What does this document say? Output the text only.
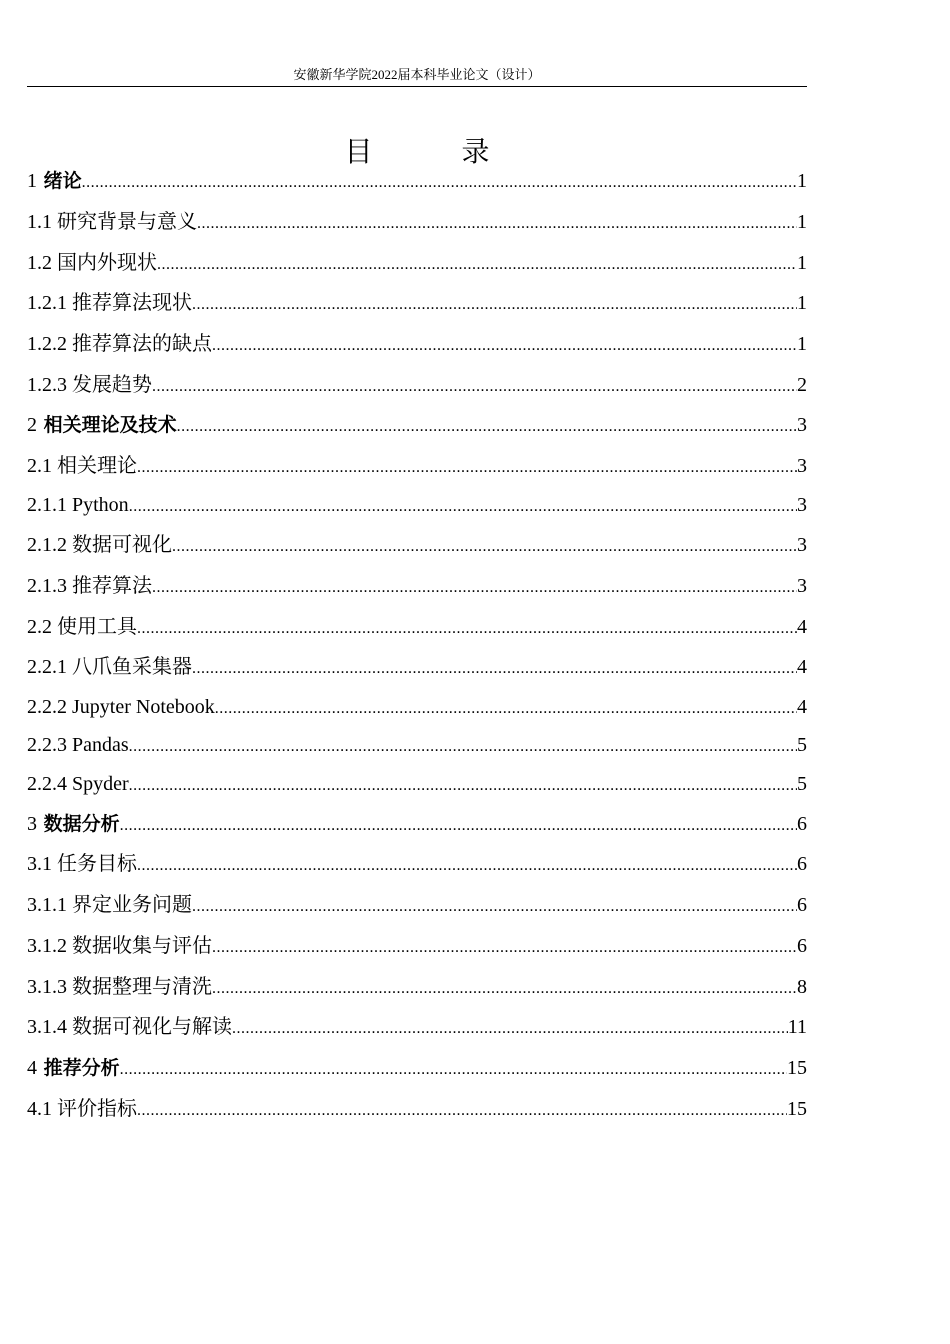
安徽新华学院2022届本科毕业论文（设计）
目 录
1 绪论 .....	1
1.1 研究背景与意义 .....	1
1.2 国内外现状 .....	1
1.2.1 推荐算法现状 .....	1
1.2.2 推荐算法的缺点 .....	1
1.2.3 发展趋势 .....	2
2 相关理论及技术 .....	3
2.1 相关理论 .....	3
2.1.1 Python .....	3
2.1.2 数据可视化 .....	3
2.1.3 推荐算法 .....	3
2.2 使用工具 .....	4
2.2.1 八爪鱼采集器 .....	4
2.2.2 Jupyter Notebook .....	4
2.2.3 Pandas .....	5
2.2.4 Spyder .....	5
3 数据分析 .....	6
3.1 任务目标 .....	6
3.1.1 界定业务问题 .....	6
3.1.2 数据收集与评估 .....	6
3.1.3 数据整理与清洗 .....	8
3.1.4 数据可视化与解读 .....	11
4 推荐分析 .....	15
4.1 评价指标 .....	15
